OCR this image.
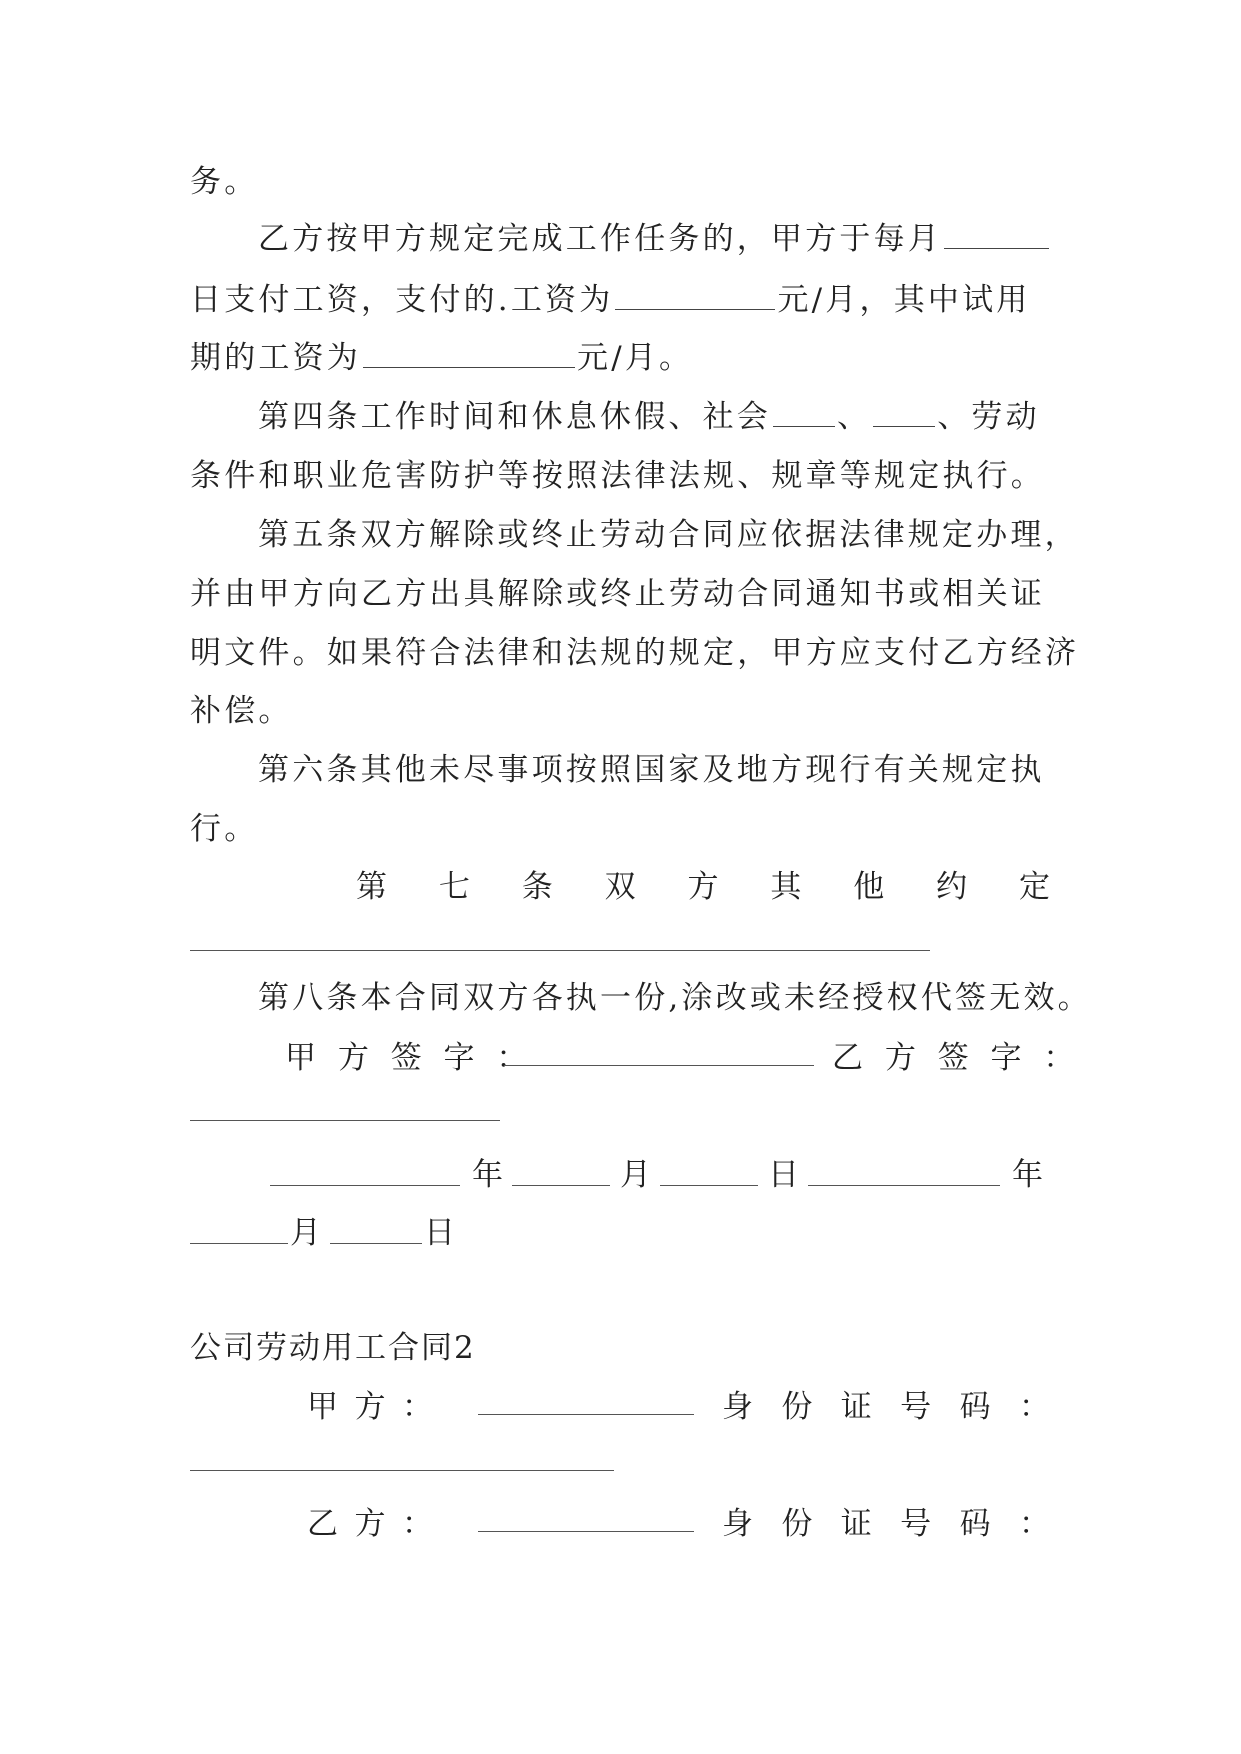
务。
乙方按甲方规定完成工作任务的，甲方于每月
日支付工资，支付的.工资为	元/月，其中试用
期的工资为	元/月。
第四条工作时间和休息休假、社会 、 、劳动
条件和职业危害防护等按照法律法规、规章等规定执行。
第五条双方解除或终止劳动合同应依据法律规定办理，
并由甲方向乙方出具解除或终止劳动合同通知书或相关证
明文件。如果符合法律和法规的规定，甲方应支付乙方经济
补偿。
第六条其他未尽事项按照国家及地方现行有关规定执
行。
第 七 条 双 方 其 他 约 定
第八条本合同双方各执一份,涂改或未经授权代签无效。
甲 方 签 字 ：	乙 方 签 字 ：
年	月	日	年
月	日
公司劳动用工合同2
甲 方 ：	身 份 证 号 码 ：
乙 方 ：	身 份 证 号 码 ：
